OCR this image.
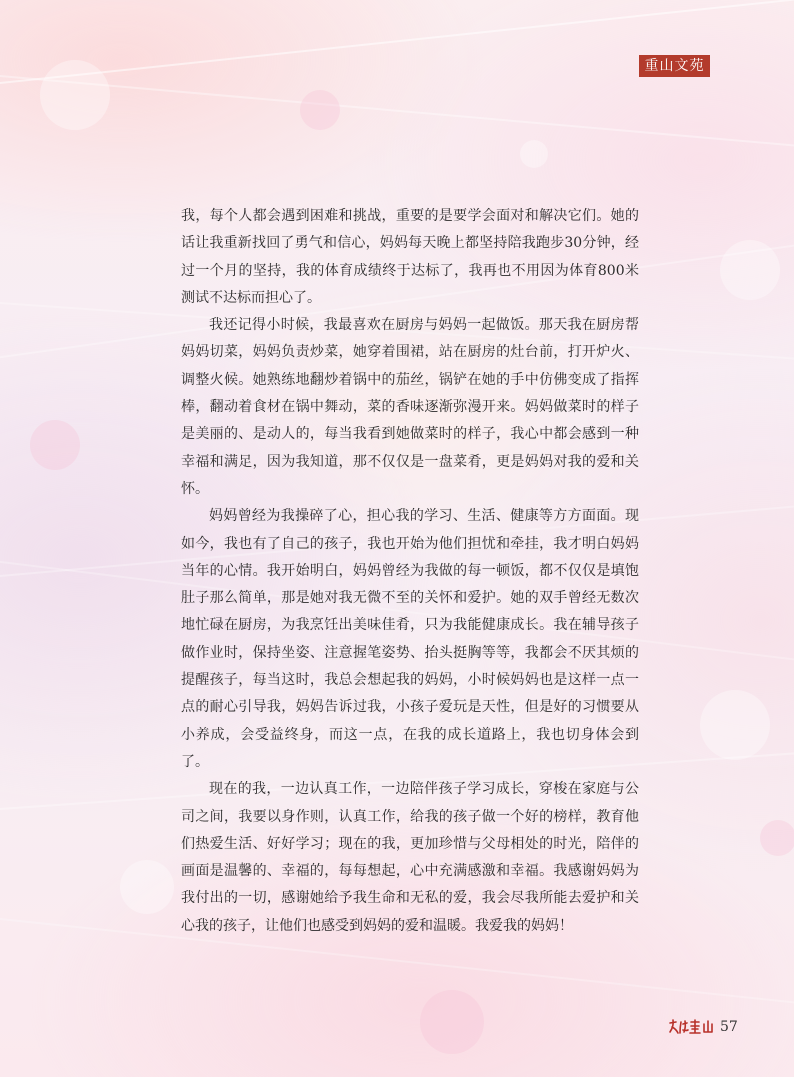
重山文苑

我，每个人都会遇到困难和挑战，重要的是要学会面对和解决它们。她的话让我重新找回了勇气和信心，妈妈每天晚上都坚持陪我跑步30分钟，经过一个月的坚持，我的体育成绩终于达标了，我再也不用因为体育800米测试不达标而担心了。

我还记得小时候，我最喜欢在厨房与妈妈一起做饭。那天我在厨房帮妈妈切菜，妈妈负责炒菜，她穿着围裙，站在厨房的灶台前，打开炉火、调整火候。她熟练地翻炒着锅中的茄丝，锅铲在她的手中仿佛变成了指挥棒，翻动着食材在锅中舞动，菜的香味逐渐弥漫开来。妈妈做菜时的样子是美丽的、是动人的，每当我看到她做菜时的样子，我心中都会感到一种幸福和满足，因为我知道，那不仅仅是一盘菜肴，更是妈妈对我的爱和关怀。

妈妈曾经为我操碎了心，担心我的学习、生活、健康等方方面面。现如今，我也有了自己的孩子，我也开始为他们担忧和牵挂，我才明白妈妈当年的心情。我开始明白，妈妈曾经为我做的每一顿饭，都不仅仅是填饱肚子那么简单，那是她对我无微不至的关怀和爱护。她的双手曾经无数次地忙碌在厨房，为我烹饪出美味佳肴，只为我能健康成长。我在辅导孩子做作业时，保持坐姿、注意握笔姿势、抬头挺胸等等，我都会不厌其烦的提醒孩子，每当这时，我总会想起我的妈妈，小时候妈妈也是这样一点一点的耐心引导我，妈妈告诉过我，小孩子爱玩是天性，但是好的习惯要从小养成，会受益终身，而这一点，在我的成长道路上，我也切身体会到了。

现在的我，一边认真工作，一边陪伴孩子学习成长，穿梭在家庭与公司之间，我要以身作则，认真工作，给我的孩子做一个好的榜样，教育他们热爱生活、好好学习；现在的我，更加珍惜与父母相处的时光，陪伴的画面是温馨的、幸福的，每每想起，心中充满感激和幸福。我感谢妈妈为我付出的一切，感谢她给予我生命和无私的爱，我会尽我所能去爱护和关心我的孩子，让他们也感受到妈妈的爱和温暖。我爱我的妈妈！

57
